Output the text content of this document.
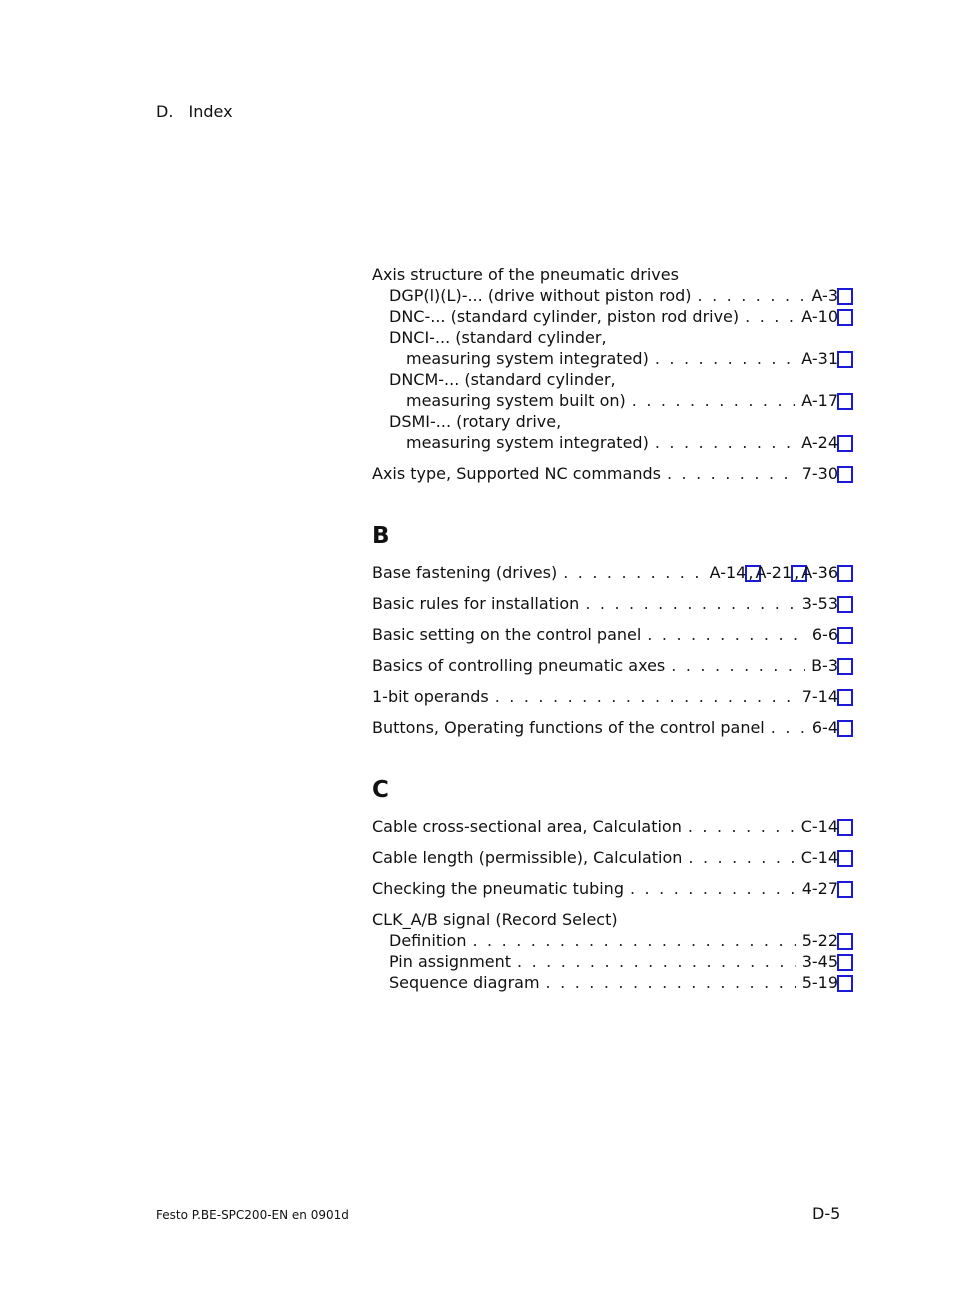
D. Index
Axis structure of the pneumatic drives
DGP(l)(L)-... (drive without piston rod) . . .	A-3
DNC-... (standard cylinder, piston rod drive) . . .	A-10
DNCI-... (standard cylinder,
measuring system integrated) . . .	A-31
DNCM-... (standard cylinder,
measuring system built on) . . .	A-17
DSMI-... (rotary drive,
measuring system integrated) . . .	A-24
Axis type, Supported NC commands . . .	7-30
B
Base fastening (drives) . . .	A-14 , A-21 , A-36
Basic rules for installation . . .	3-53
Basic setting on the control panel . . .	6-6
Basics of controlling pneumatic axes . . .	B-3
1-bit operands . . .	7-14
Buttons, Operating functions of the control panel . . .	6-4
C
Cable cross-sectional area, Calculation . . .	C-14
Cable length (permissible), Calculation . . .	C-14
Checking the pneumatic tubing . . .	4-27
CLK_A/B signal (Record Select)
Definition . . .	5-22
Pin assignment . . .	3-45
Sequence diagram . . .	5-19
Festo P.BE-SPC200-EN en 0901d	D-5
